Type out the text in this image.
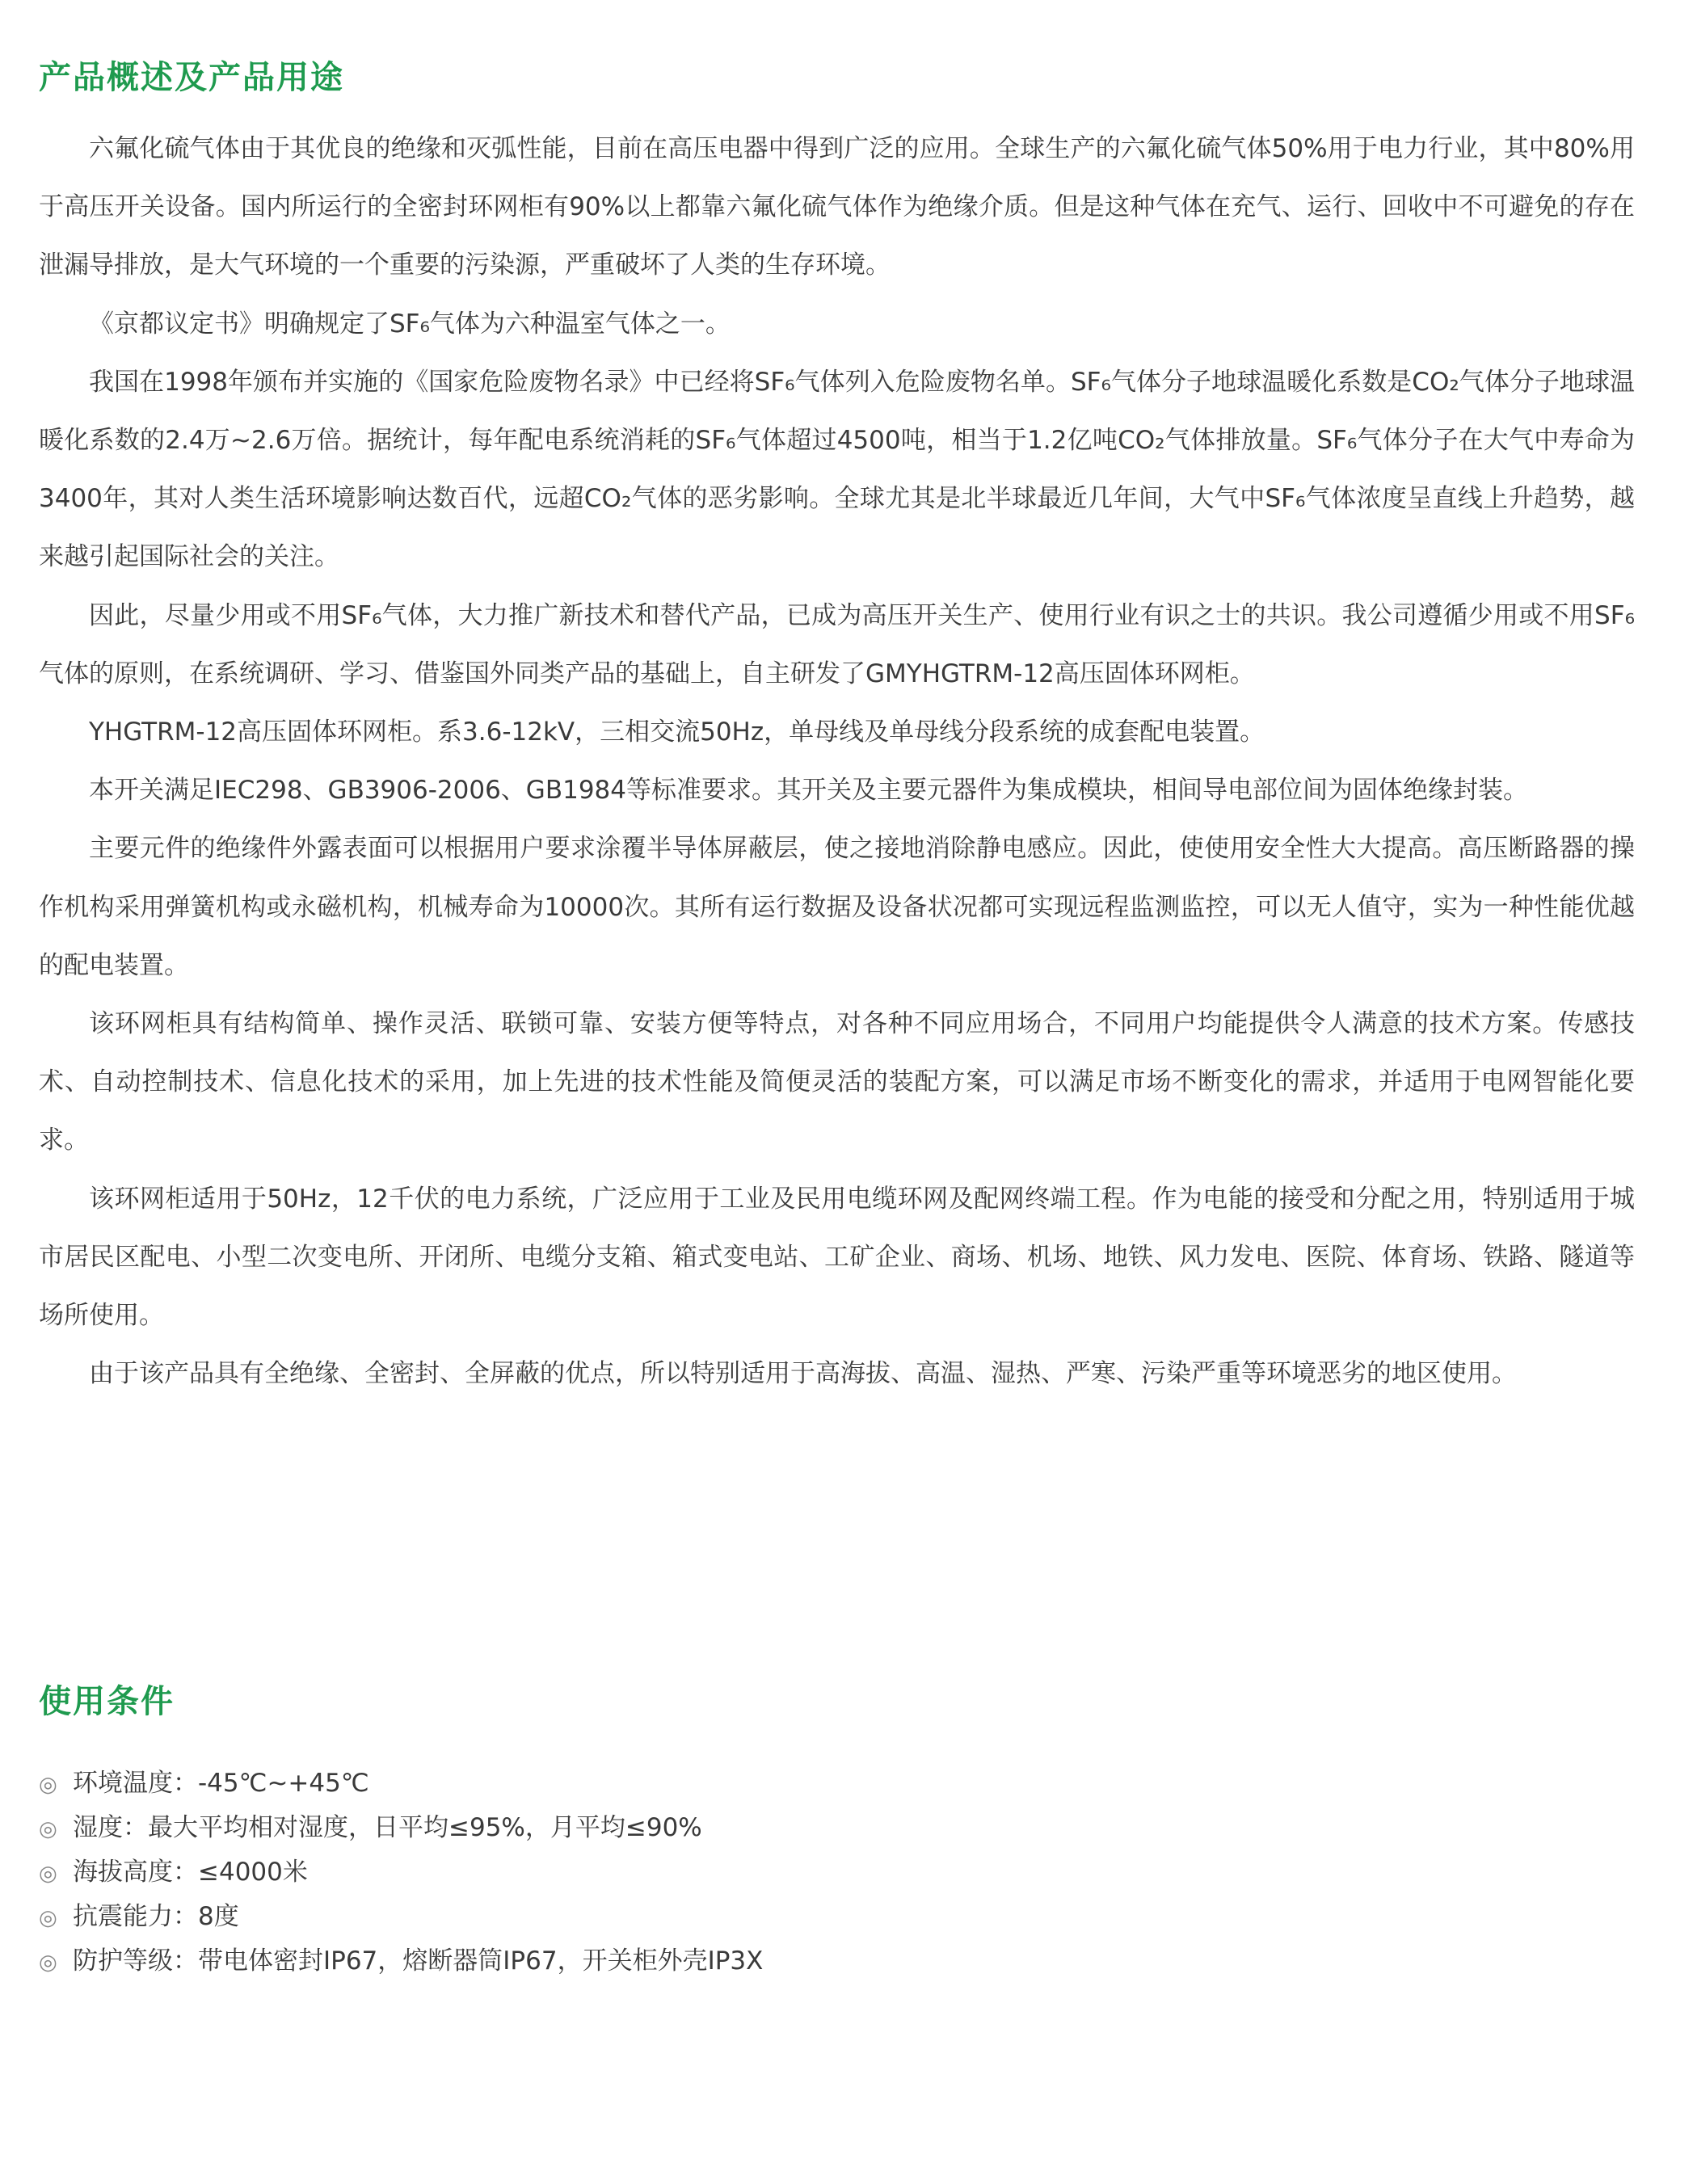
产品概述及产品用途

六氟化硫气体由于其优良的绝缘和灭弧性能，目前在高压电器中得到广泛的应用。全球生产的六氟化硫气体50%用于电力行业，其中80%用于高压开关设备。国内所运行的全密封环网柜有90%以上都靠六氟化硫气体作为绝缘介质。但是这种气体在充气、运行、回收中不可避免的存在泄漏导排放，是大气环境的一个重要的污染源，严重破坏了人类的生存环境。

《京都议定书》明确规定了SF₆气体为六种温室气体之一。

我国在1998年颁布并实施的《国家危险废物名录》中已经将SF₆气体列入危险废物名单。SF₆气体分子地球温暖化系数是CO₂气体分子地球温暖化系数的2.4万~2.6万倍。据统计，每年配电系统消耗的SF₆气体超过4500吨，相当于1.2亿吨CO₂气体排放量。SF₆气体分子在大气中寿命为3400年，其对人类生活环境影响达数百代，远超CO₂气体的恶劣影响。全球尤其是北半球最近几年间，大气中SF₆气体浓度呈直线上升趋势，越来越引起国际社会的关注。

因此，尽量少用或不用SF₆气体，大力推广新技术和替代产品，已成为高压开关生产、使用行业有识之士的共识。我公司遵循少用或不用SF₆气体的原则，在系统调研、学习、借鉴国外同类产品的基础上，自主研发了GMYHGTRM-12高压固体环网柜。

YHGTRM-12高压固体环网柜。系3.6-12kV，三相交流50Hz，单母线及单母线分段系统的成套配电装置。

本开关满足IEC298、GB3906-2006、GB1984等标准要求。其开关及主要元器件为集成模块，相间导电部位间为固体绝缘封装。

主要元件的绝缘件外露表面可以根据用户要求涂覆半导体屏蔽层，使之接地消除静电感应。因此，使使用安全性大大提高。高压断路器的操作机构采用弹簧机构或永磁机构，机械寿命为10000次。其所有运行数据及设备状况都可实现远程监测监控，可以无人值守，实为一种性能优越的配电装置。

该环网柜具有结构简单、操作灵活、联锁可靠、安装方便等特点，对各种不同应用场合，不同用户均能提供令人满意的技术方案。传感技术、自动控制技术、信息化技术的采用，加上先进的技术性能及简便灵活的装配方案，可以满足市场不断变化的需求，并适用于电网智能化要求。

该环网柜适用于50Hz，12千伏的电力系统，广泛应用于工业及民用电缆环网及配网终端工程。作为电能的接受和分配之用，特别适用于城市居民区配电、小型二次变电所、开闭所、电缆分支箱、箱式变电站、工矿企业、商场、机场、地铁、风力发电、医院、体育场、铁路、隧道等场所使用。

由于该产品具有全绝缘、全密封、全屏蔽的优点，所以特别适用于高海拔、高温、湿热、严寒、污染严重等环境恶劣的地区使用。

使用条件
◎ 环境温度：-45℃~+45℃
◎ 湿度：最大平均相对湿度，日平均≤95%，月平均≤90%
◎ 海拔高度：≤4000米
◎ 抗震能力：8度
◎ 防护等级：带电体密封IP67，熔断器筒IP67，开关柜外壳IP3X
